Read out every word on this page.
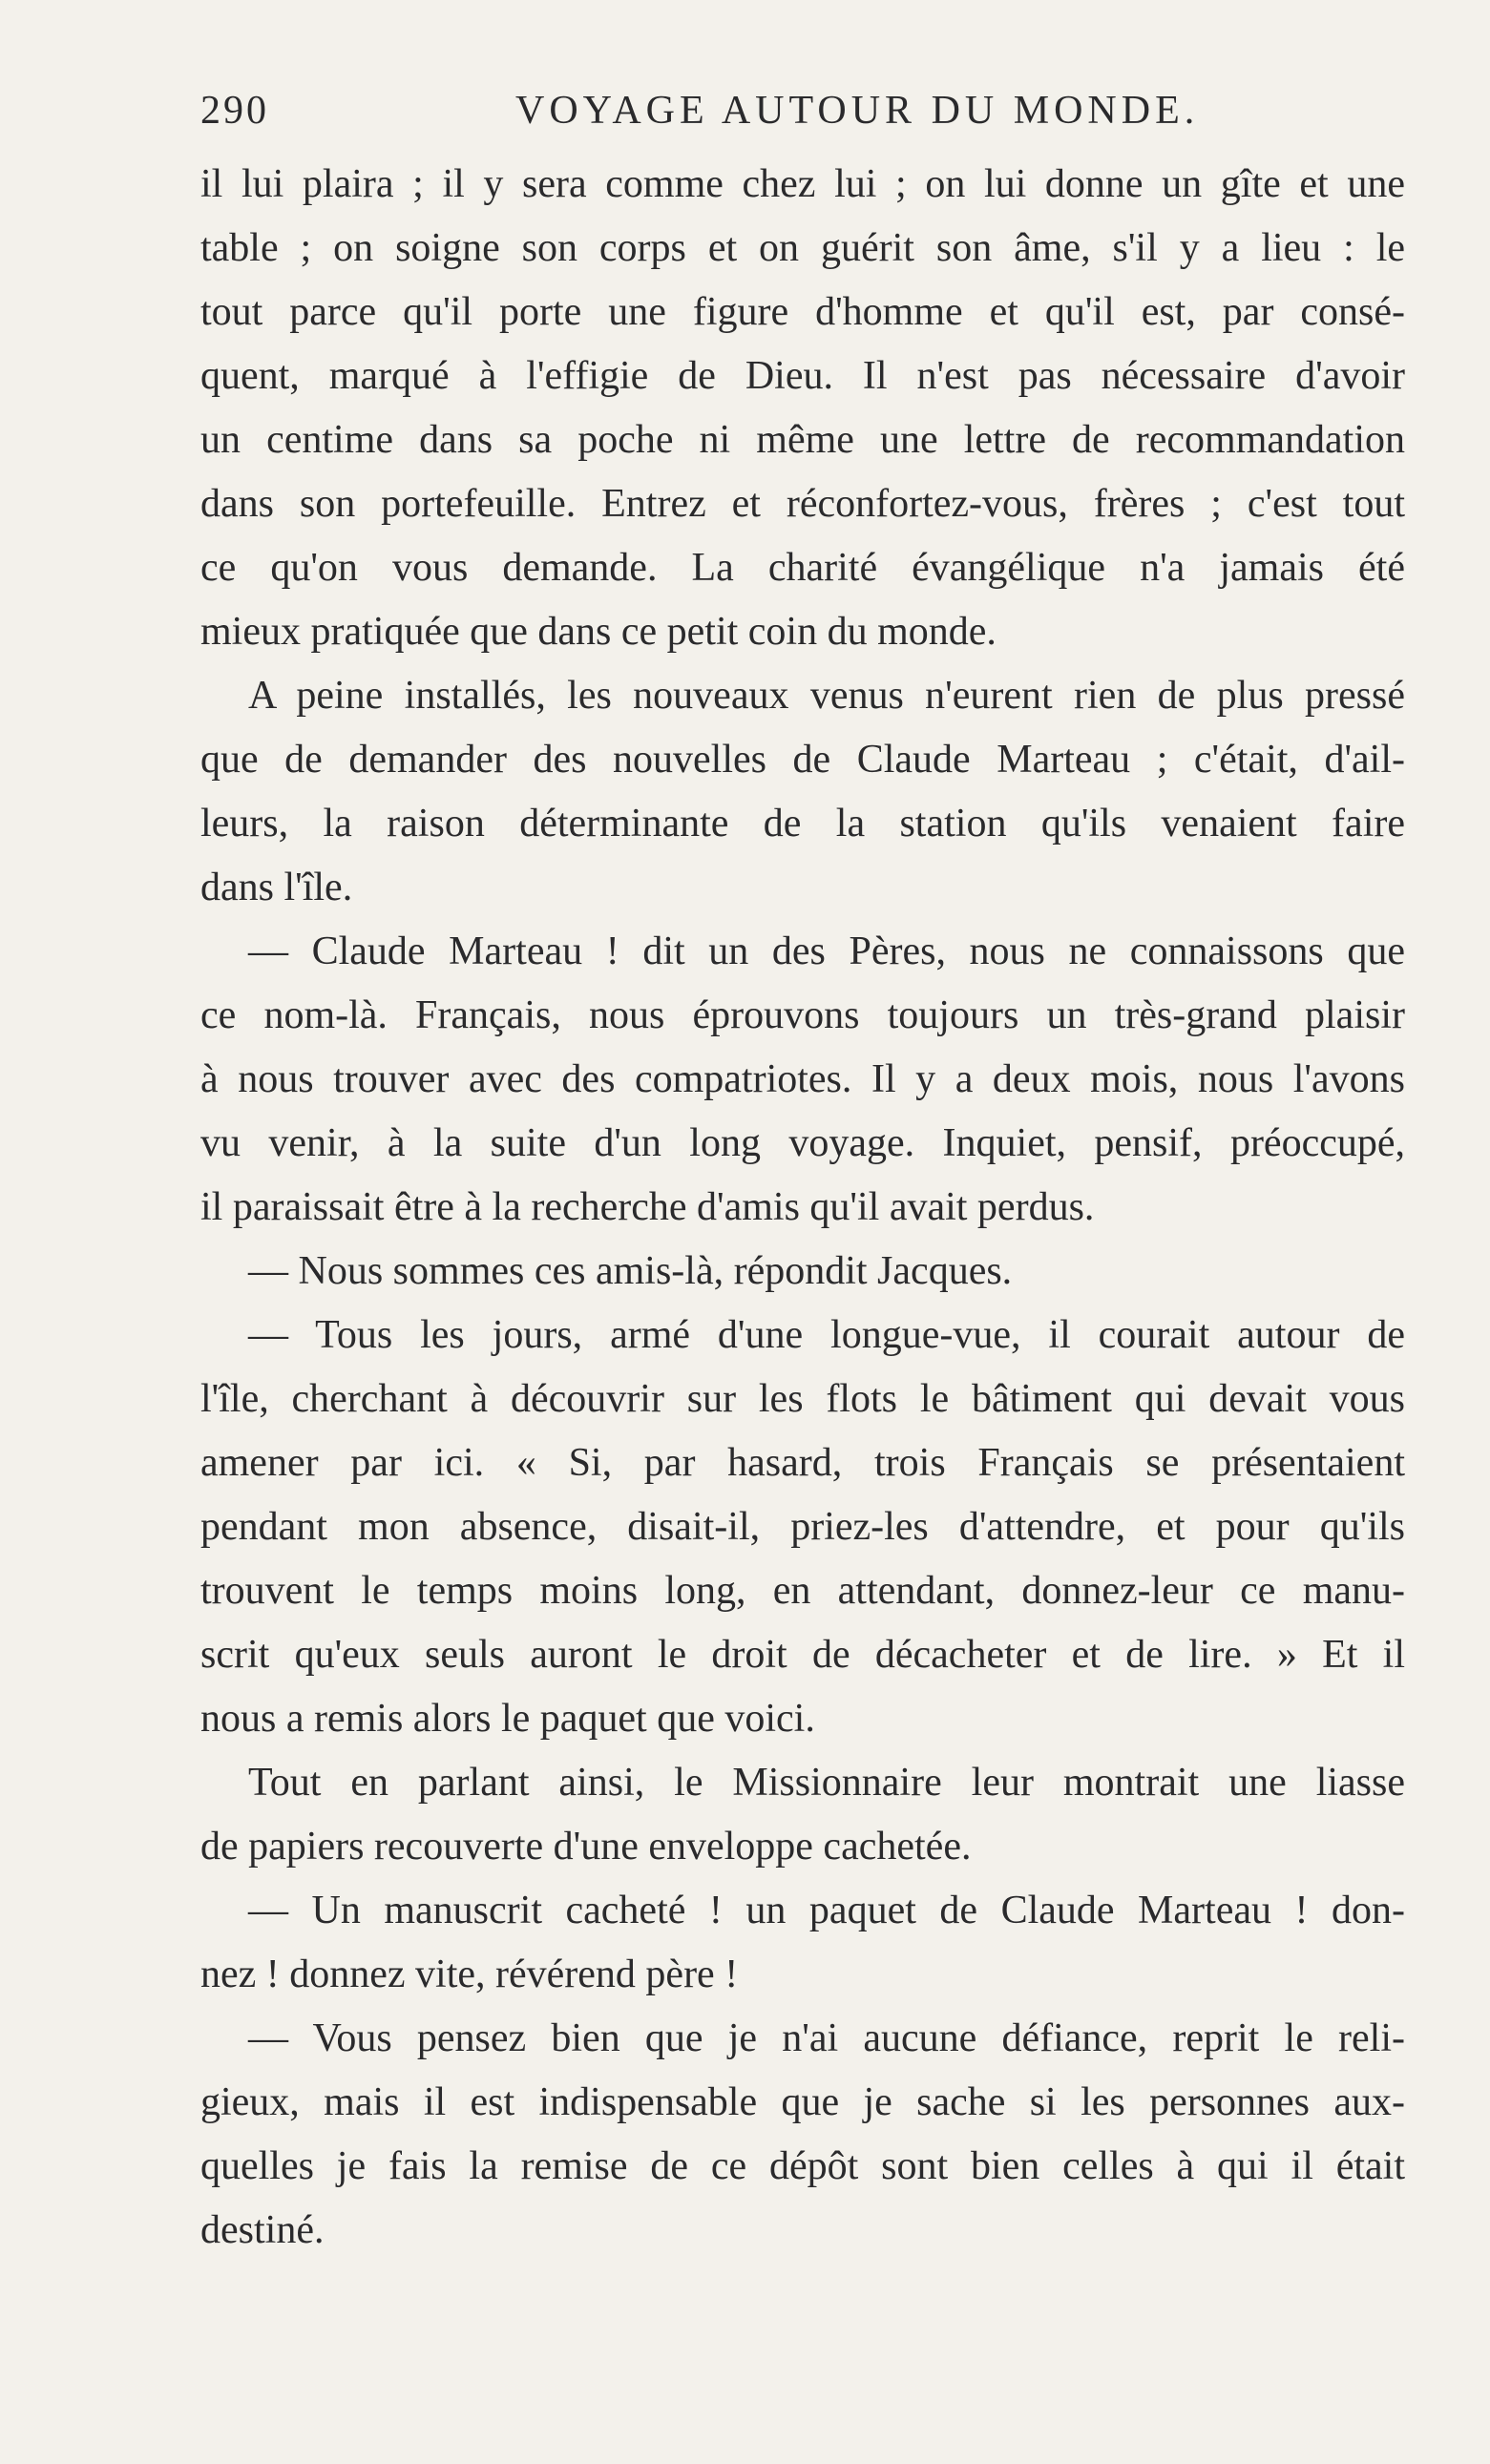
290	VOYAGE AUTOUR DU MONDE.
il lui plaira ; il y sera comme chez lui ; on lui donne un gîte et une
table ; on soigne son corps et on guérit son âme, s'il y a lieu : le
tout parce qu'il porte une figure d'homme et qu'il est, par consé-
quent, marqué à l'effigie de Dieu. Il n'est pas nécessaire d'avoir
un centime dans sa poche ni même une lettre de recommandation
dans son portefeuille. Entrez et réconfortez-vous, frères ; c'est tout
ce qu'on vous demande. La charité évangélique n'a jamais été
mieux pratiquée que dans ce petit coin du monde.
A peine installés, les nouveaux venus n'eurent rien de plus pressé
que de demander des nouvelles de Claude Marteau ; c'était, d'ail-
leurs, la raison déterminante de la station qu'ils venaient faire
dans l'île.
— Claude Marteau ! dit un des Pères, nous ne connaissons que
ce nom-là. Français, nous éprouvons toujours un très-grand plaisir
à nous trouver avec des compatriotes. Il y a deux mois, nous l'avons
vu venir, à la suite d'un long voyage. Inquiet, pensif, préoccupé,
il paraissait être à la recherche d'amis qu'il avait perdus.
— Nous sommes ces amis-là, répondit Jacques.
— Tous les jours, armé d'une longue-vue, il courait autour de
l'île, cherchant à découvrir sur les flots le bâtiment qui devait vous
amener par ici. « Si, par hasard, trois Français se présentaient
pendant mon absence, disait-il, priez-les d'attendre, et pour qu'ils
trouvent le temps moins long, en attendant, donnez-leur ce manu-
scrit qu'eux seuls auront le droit de décacheter et de lire. » Et il
nous a remis alors le paquet que voici.
Tout en parlant ainsi, le Missionnaire leur montrait une liasse
de papiers recouverte d'une enveloppe cachetée.
— Un manuscrit cacheté ! un paquet de Claude Marteau ! don-
nez ! donnez vite, révérend père !
— Vous pensez bien que je n'ai aucune défiance, reprit le reli-
gieux, mais il est indispensable que je sache si les personnes aux-
quelles je fais la remise de ce dépôt sont bien celles à qui il était
destiné.
